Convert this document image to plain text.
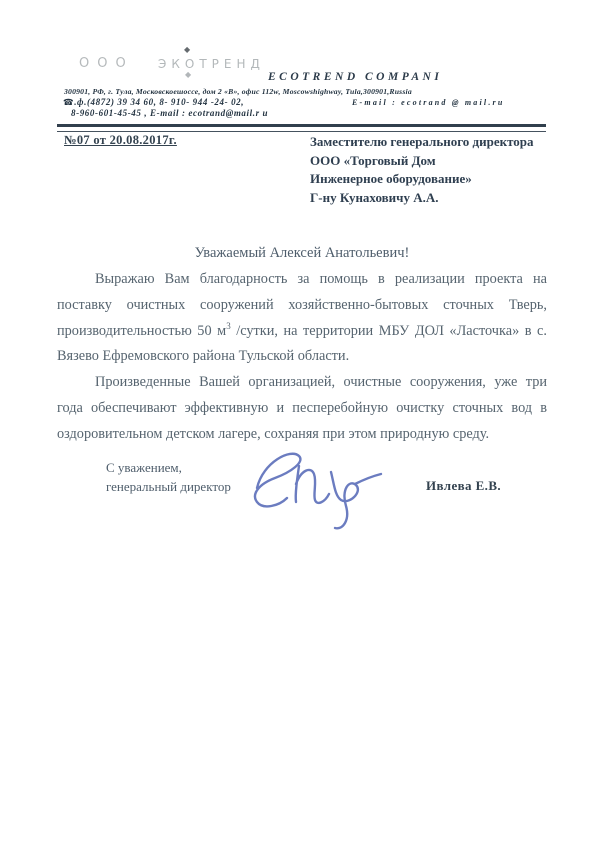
ООО ЭКОТРЕНД
◆
◆	ECOTREND COMPANI
300901, РФ, г. Тула, Московскоешоссе, дом 2 «В», офис 112w, Moscowshighway, Tula,300901,Russia
☎.ф.(4872) 39 34 60, 8- 910- 944 -24- 02,
8-960-601-45-45 , E-mail : ecotrand@mail.r u
E-mail : ecotrand @ mail.ru
№07 от 20.08.2017г.	Заместителю генерального директора
ООО «Торговый Дом
Инженерное оборудование»
Г-ну Кунаховичу А.А.
Уважаемый Алексей Анатольевич!

Выражаю Вам благодарность за помощь в реализации проекта на поставку очистных сооружений хозяйственно-бытовых сточных Тверь, производительностью 50 $м^3$ /сутки, на территории МБУ ДОЛ «Ласточка» в с. Вязево Ефремовского района Тульской области.

Произведенные Вашей организацией, очистные сооружения, уже три года обеспечивают эффективную и песперебойную очистку сточных вод в оздоровительном детском лагере, сохраняя при этом природную среду.

С уважением,
генеральный директор	Ивлева Е.В.
